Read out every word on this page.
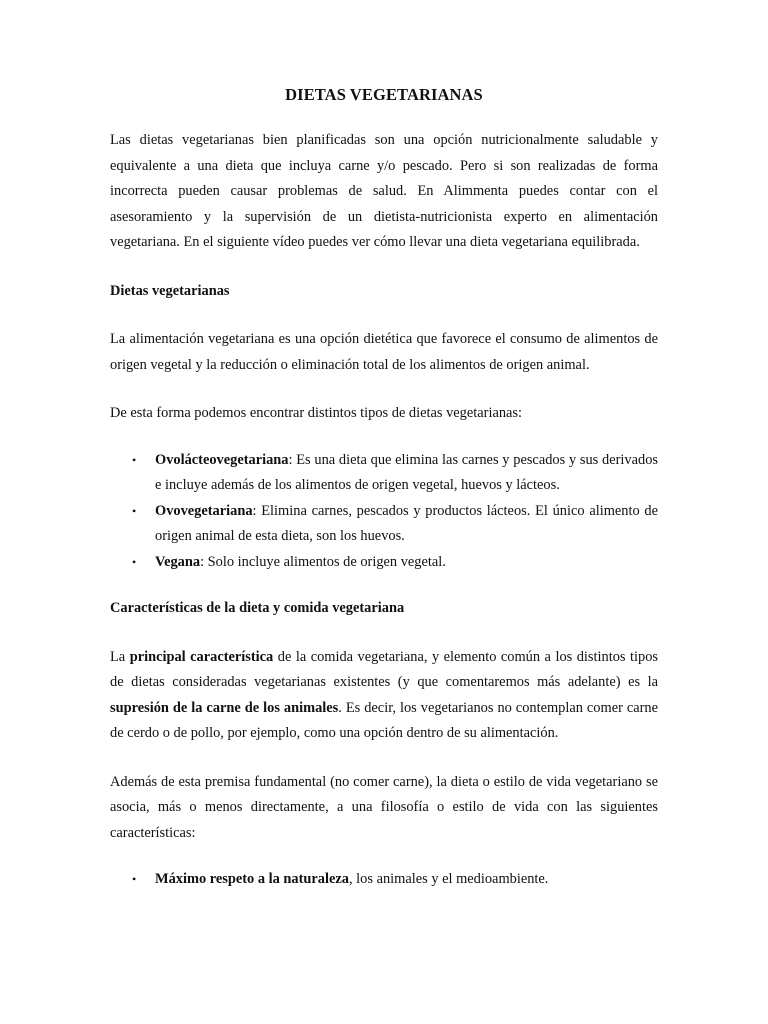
DIETAS VEGETARIANAS

Las dietas vegetarianas bien planificadas son una opción nutricionalmente saludable y equivalente a una dieta que incluya carne y/o pescado. Pero si son realizadas de forma incorrecta pueden causar problemas de salud. En Alimmenta puedes contar con el asesoramiento y la supervisión de un dietista-nutricionista experto en alimentación vegetariana. En el siguiente vídeo puedes ver cómo llevar una dieta vegetariana equilibrada.

Dietas vegetarianas

La alimentación vegetariana es una opción dietética que favorece el consumo de alimentos de origen vegetal y la reducción o eliminación total de los alimentos de origen animal.

De esta forma podemos encontrar distintos tipos de dietas vegetarianas:

• Ovolácteovegetariana: Es una dieta que elimina las carnes y pescados y sus derivados e incluye además de los alimentos de origen vegetal, huevos y lácteos.
• Ovovegetariana: Elimina carnes, pescados y productos lácteos. El único alimento de origen animal de esta dieta, son los huevos.
• Vegana: Solo incluye alimentos de origen vegetal.

Características de la dieta y comida vegetariana

La principal característica de la comida vegetariana, y elemento común a los distintos tipos de dietas consideradas vegetarianas existentes (y que comentaremos más adelante) es la supresión de la carne de los animales. Es decir, los vegetarianos no contemplan comer carne de cerdo o de pollo, por ejemplo, como una opción dentro de su alimentación.

Además de esta premisa fundamental (no comer carne), la dieta o estilo de vida vegetariano se asocia, más o menos directamente, a una filosofía o estilo de vida con las siguientes características:

• Máximo respeto a la naturaleza, los animales y el medioambiente.
